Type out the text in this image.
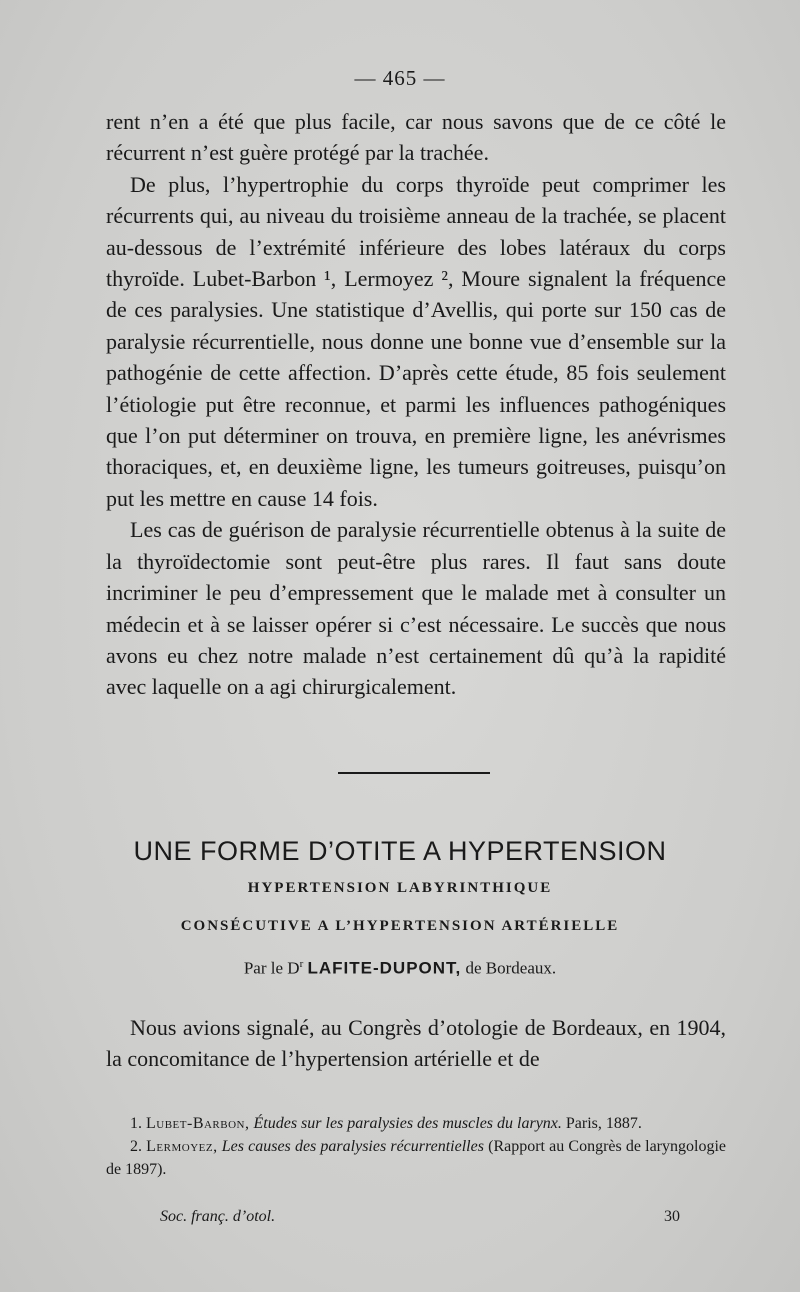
— 465 —

rent n’en a été que plus facile, car nous savons que de ce côté le récurrent n’est guère protégé par la trachée.

De plus, l’hypertrophie du corps thyroïde peut comprimer les récurrents qui, au niveau du troisième anneau de la trachée, se placent au-dessous de l’extrémité inférieure des lobes latéraux du corps thyroïde. Lubet-Barbon ¹, Lermoyez ², Moure signalent la fréquence de ces paralysies. Une statistique d’Avellis, qui porte sur 150 cas de paralysie récurrentielle, nous donne une bonne vue d’ensemble sur la pathogénie de cette affection. D’après cette étude, 85 fois seulement l’étiologie put être reconnue, et parmi les influences pathogéniques que l’on put déterminer on trouva, en première ligne, les anévrismes thoraciques, et, en deuxième ligne, les tumeurs goitreuses, puisqu’on put les mettre en cause 14 fois.

Les cas de guérison de paralysie récurrentielle obtenus à la suite de la thyroïdectomie sont peut-être plus rares. Il faut sans doute incriminer le peu d’empressement que le malade met à consulter un médecin et à se laisser opérer si c’est nécessaire. Le succès que nous avons eu chez notre malade n’est certainement dû qu’à la rapidité avec laquelle on a agi chirurgicalement.

UNE FORME D’OTITE A HYPERTENSION
HYPERTENSION LABYRINTHIQUE
CONSÉCUTIVE A L’HYPERTENSION ARTÉRIELLE
Par le $D^r$ LAFITE-DUPONT, de Bordeaux.

Nous avions signalé, au Congrès d’otologie de Bordeaux, en 1904, la concomitance de l’hypertension artérielle et de

1. Lubet-Barbon, Études sur les paralysies des muscles du larynx. Paris, 1887.

2. Lermoyez, Les causes des paralysies récurrentielles (Rapport au Congrès de laryngologie de 1897).

Soc. franç. d’otol.	30
